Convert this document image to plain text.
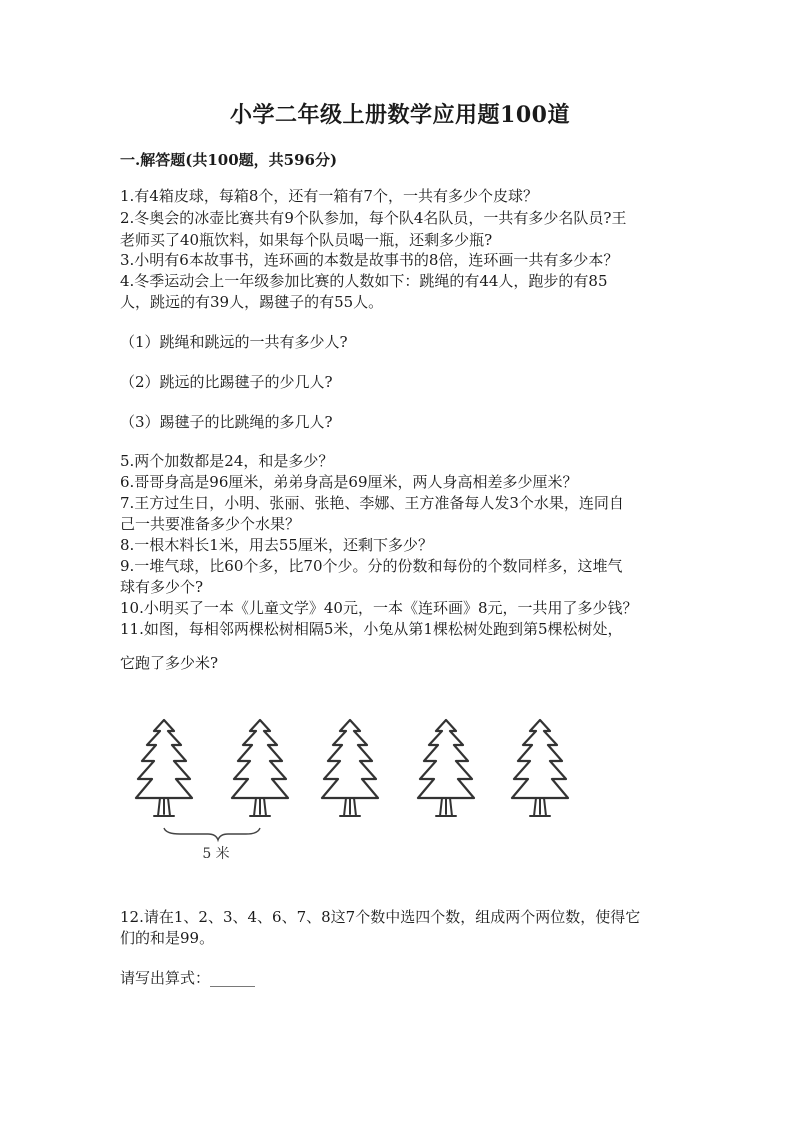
小学二年级上册数学应用题100道
一.解答题(共100题，共596分)
1.有4箱皮球，每箱8个，还有一箱有7个，一共有多少个皮球？
2.冬奥会的冰壶比赛共有9个队参加，每个队4名队员，一共有多少名队员?王
老师买了40瓶饮料，如果每个队员喝一瓶，还剩多少瓶?
3.小明有6本故事书，连环画的本数是故事书的8倍，连环画一共有多少本？
4.冬季运动会上一年级参加比赛的人数如下：跳绳的有44人，跑步的有85
人，跳远的有39人，踢毽子的有55人。
（1）跳绳和跳远的一共有多少人?
（2）跳远的比踢毽子的少几人?
（3）踢毽子的比跳绳的多几人?
5.两个加数都是24，和是多少？
6.哥哥身高是96厘米，弟弟身高是69厘米，两人身高相差多少厘米？
7.王方过生日，小明、张丽、张艳、李娜、王方准备每人发3个水果，连同自
己一共要准备多少个水果？
8.一根木料长1米，用去55厘米，还剩下多少？
9.一堆气球，比60个多，比70个少。分的份数和每份的个数同样多，这堆气
球有多少个?
10.小明买了一本《儿童文学》40元，一本《连环画》8元，一共用了多少钱？
11.如图，每相邻两棵松树相隔5米，小兔从第1棵松树处跑到第5棵松树处，
它跑了多少米?
5 米
12.请在1、2、3、4、6、7、8这7个数中选四个数，组成两个两位数，使得它
们的和是99。
请写出算式：______
